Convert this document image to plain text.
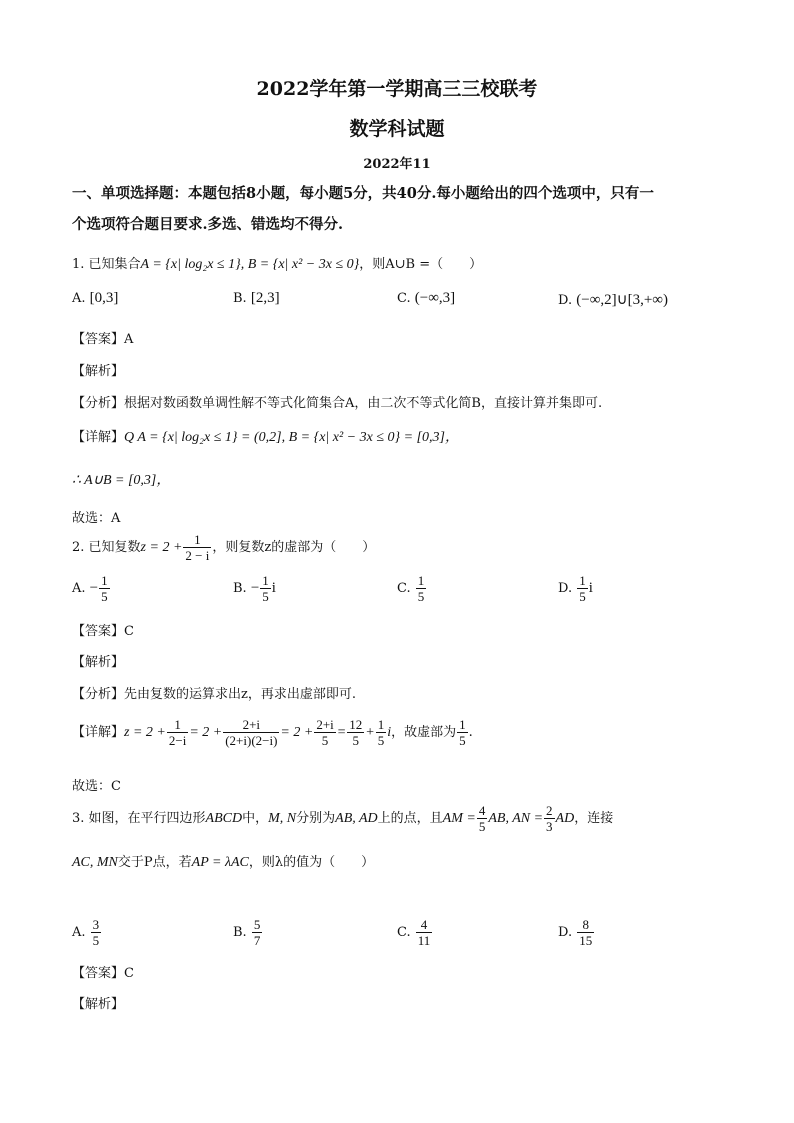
2022学年第一学期高三三校联考
数学科试题
2022年11
一、单项选择题：本题包括8小题，每小题5分，共40分.每小题给出的四个选项中，只有一
个选项符合题目要求.多选、错选均不得分.
1. 已知集合A = {x| log₂x ≤ 1}, B = {x| x² − 3x ≤ 0}，则A∪B =（　　）
A. [0,3]	B. [2,3]	C. (−∞,3]	D. (−∞,2]∪[3,+∞)
【答案】A
【解析】
【分析】根据对数函数单调性解不等式化简集合A，由二次不等式化简B，直接计算并集即可.
【详解】Q A = {x| log₂x ≤ 1} = (0,2], B = {x| x² − 3x ≤ 0} = [0,3]，
∴ A∪B = [0,3]，
故选：A
2. 已知复数$z = 2 + \frac{1}{2 - i}$ ，则复数z的虚部为（　　）
A. − $\frac{1}{5}$	B. − $\frac{1}{5}$ i	C. $\frac{1}{5}$	D. $\frac{1}{5}$ i
【答案】C
【解析】
【分析】先由复数的运算求出z，再求出虚部即可.
【详解】$z = 2 + \frac{1}{2-i} = 2 + \frac{2+i}{(2+i)(2-i)} = 2 + \frac{2+i}{5} = \frac{12}{5} + \frac{1}{5}$ i，故虚部为 $\frac{1}{5}$ .
故选：C
3. 如图，在平行四边形ABCD中，M, N分别为AB, AD上的点，且AM = $\frac{4}{5}$ AB, AN = $\frac{2}{3}$ AD，连接
AC, MN交于P点，若AP = λAC，则λ的值为（　　）
A. $\frac{3}{5}$	B. $\frac{5}{7}$	C. $\frac{4}{11}$	D. $\frac{8}{15}$
【答案】C
【解析】
